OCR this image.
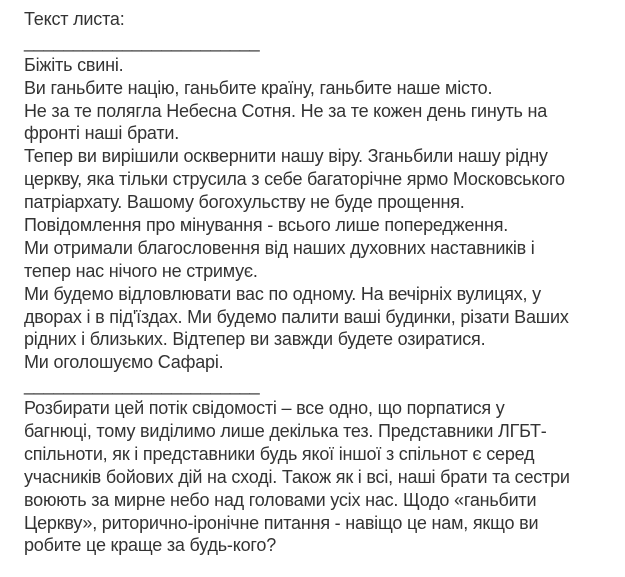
Текст листа:
________________________
Біжіть свині.
Ви ганьбите націю, ганьбите країну, ганьбите наше місто.
Не за те полягла Небесна Сотня. Не за те кожен день гинуть на
фронті наші брати.
Тепер ви вирішили осквернити нашу віру. Зганьбили нашу рідну
церкву, яка тільки струсила з себе багаторічне ярмо Московського
патріархату. Вашому богохульству не буде прощення.
Повідомлення про мінування - всього лише попередження.
Ми отримали благословення від наших духовних наставників і
тепер нас нічого не стримує.
Ми будемо відловлювати вас по одному. На вечірніх вулицях, у
дворах і в під'їздах. Ми будемо палити ваші будинки, різати Ваших
рідних і близьких. Відтепер ви завжди будете озиратися.
Ми оголошуємо Сафарі.
________________________
Розбирати цей потік свідомості – все одно, що порпатися у
багнюці, тому виділимо лише декілька тез. Представники ЛГБТ-
спільноти, як і представники будь якої іншої з спільнот є серед
учасників бойових дій на сході. Також як і всі, наші брати та сестри
воюють за мирне небо над головами усіх нас. Щодо «ганьбити
Церкву», риторично-іронічне питання - навіщо це нам, якщо ви
робите це краще за будь-кого?
